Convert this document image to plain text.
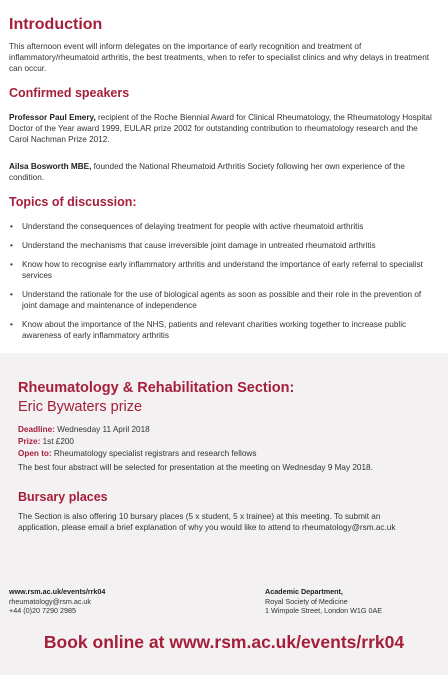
Introduction

This afternoon event will inform delegates on the importance of early recognition and treatment of inflammatory/rheumatoid arthritis, the best treatments, when to refer to specialist clinics and why delays in treatment can occur.

Confirmed speakers

Professor Paul Emery, recipient of the Roche Biennial Award for Clinical Rheumatology, the Rheumatology Hospital Doctor of the Year award 1999, EULAR prize 2002 for outstanding contribution to rheumatology research and the Carol Nachman Prize 2012.

Ailsa Bosworth MBE, founded the National Rheumatoid Arthritis Society following her own experience of the condition.

Topics of discussion:
• Understand the consequences of delaying treatment for people with active rheumatoid arthritis
• Understand the mechanisms that cause irreversible joint damage in untreated rheumatoid arthritis
• Know how to recognise early inflammatory arthritis and understand the importance of early referral to specialist services
• Understand the rationale for the use of biological agents as soon as possible and their role in the prevention of joint damage and maintenance of independence
• Know about the importance of the NHS, patients and relevant charities working together to increase public awareness of early inflammatory arthritis
Rheumatology & Rehabilitation Section:

Eric Bywaters prize

Deadline: Wednesday 11 April 2018

Prize: 1st £200

Open to: Rheumatology specialist registrars and research fellows

The best four abstract will be selected for presentation at the meeting on Wednesday 9 May 2018.

Bursary places

The Section is also offering 10 bursary places (5 x student, 5 x trainee) at this meeting. To submit an application, please email a brief explanation of why you would like to attend to rheumatology@rsm.ac.uk

www.rsm.ac.uk/events/rrk04
rheumatology@rsm.ac.uk
+44 (0)20 7290 2985
Academic Department,
Royal Society of Medicine
1 Wimpole Street, London W1G 0AE

Book online at www.rsm.ac.uk/events/rrk04
